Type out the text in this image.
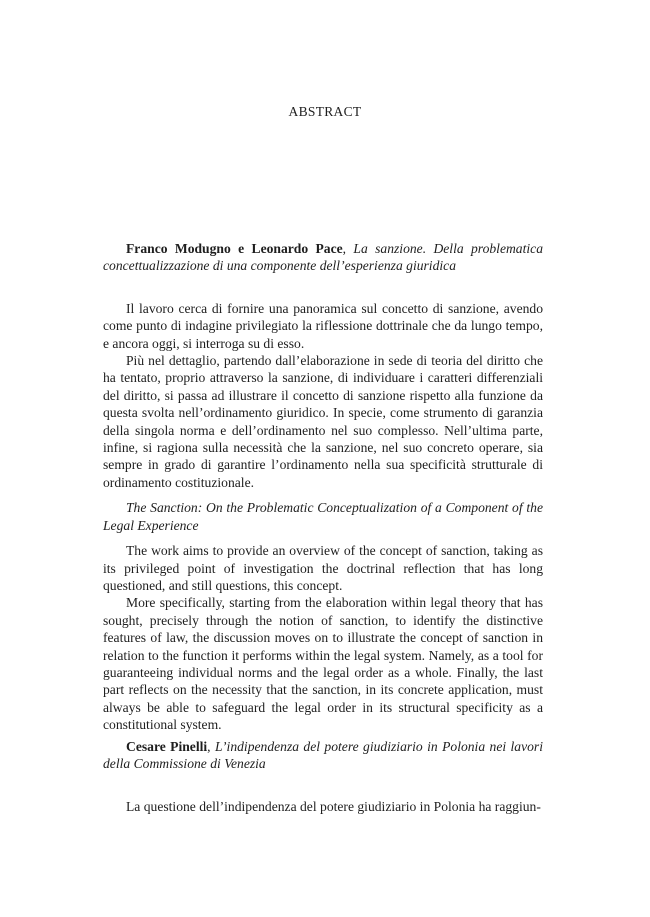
ABSTRACT

Franco Modugno e Leonardo Pace, La sanzione. Della problematica concettualizzazione di una componente dell’esperienza giuridica

Il lavoro cerca di fornire una panoramica sul concetto di sanzione, avendo come punto di indagine privilegiato la riflessione dottrinale che da lungo tempo, e ancora oggi, si interroga su di esso.

Più nel dettaglio, partendo dall’elaborazione in sede di teoria del diritto che ha tentato, proprio attraverso la sanzione, di individuare i caratteri differenziali del diritto, si passa ad illustrare il concetto di sanzione rispetto alla funzione da questa svolta nell’ordinamento giuridico. In specie, come strumento di garanzia della singola norma e dell’ordinamento nel suo complesso. Nell’ultima parte, infine, si ragiona sulla necessità che la sanzione, nel suo concreto operare, sia sempre in grado di garantire l’ordinamento nella sua specificità strutturale di ordinamento costituzionale.

The Sanction: On the Problematic Conceptualization of a Component of the Legal Experience

The work aims to provide an overview of the concept of sanction, taking as its privileged point of investigation the doctrinal reflection that has long questioned, and still questions, this concept.

More specifically, starting from the elaboration within legal theory that has sought, precisely through the notion of sanction, to identify the distinctive features of law, the discussion moves on to illustrate the concept of sanction in relation to the function it performs within the legal system. Namely, as a tool for guaranteeing individual norms and the legal order as a whole. Finally, the last part reflects on the necessity that the sanction, in its concrete application, must always be able to safeguard the legal order in its structural specificity as a constitutional system.

Cesare Pinelli, L’indipendenza del potere giudiziario in Polonia nei lavori della Commissione di Venezia

La questione dell’indipendenza del potere giudiziario in Polonia ha raggiun-
